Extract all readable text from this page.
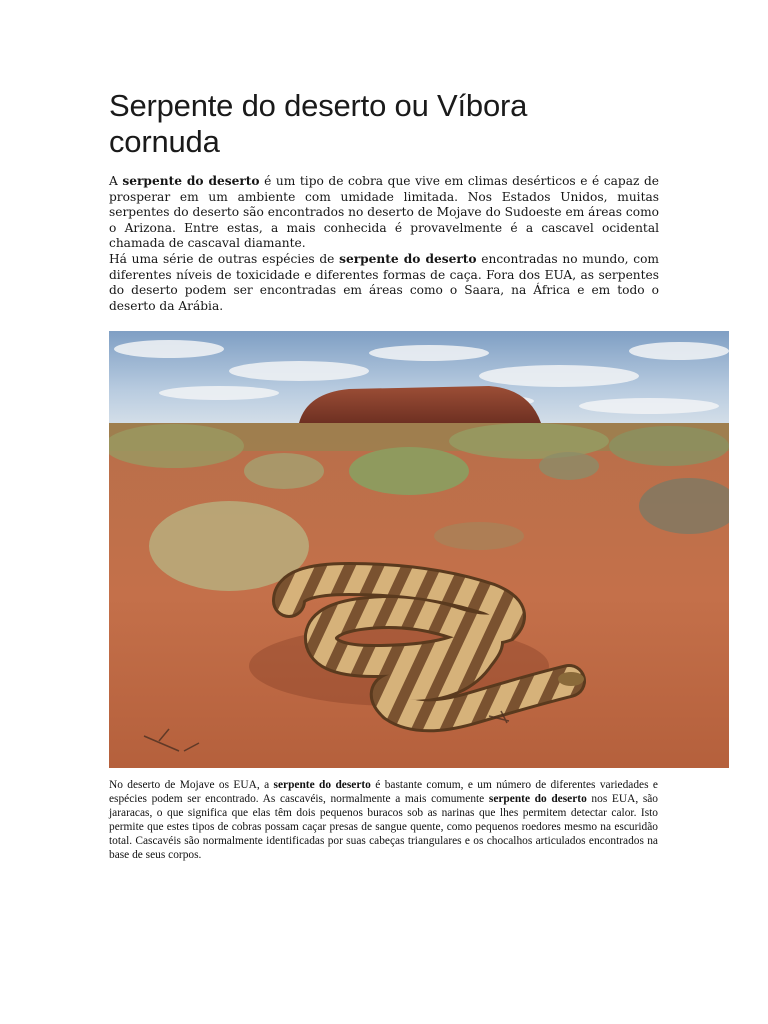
Serpente do deserto ou Víbora
cornuda

A serpente do deserto é um tipo de cobra que vive em climas desérticos e é capaz de prosperar em um ambiente com umidade limitada. Nos Estados Unidos, muitas serpentes do deserto são encontrados no deserto de Mojave do Sudoeste em áreas como o Arizona. Entre estas, a mais conhecida é provavelmente é a cascavel ocidental chamada de cascaval diamante.

Há uma série de outras espécies de serpente do deserto encontradas no mundo, com diferentes níveis de toxicidade e diferentes formas de caça. Fora dos EUA, as serpentes do deserto podem ser encontradas em áreas como o Saara, na África e em todo o deserto da Arábia.

No deserto de Mojave os EUA, a serpente do deserto é bastante comum, e um número de diferentes variedades e espécies podem ser encontrado. As cascavéis, normalmente a mais comumente serpente do deserto nos EUA, são jararacas, o que significa que elas têm dois pequenos buracos sob as narinas que lhes permitem detectar calor. Isto permite que estes tipos de cobras possam caçar presas de sangue quente, como pequenos roedores mesmo na escuridão total. Cascavéis são normalmente identificadas por suas cabeças triangulares e os chocalhos articulados encontrados na base de seus corpos.
